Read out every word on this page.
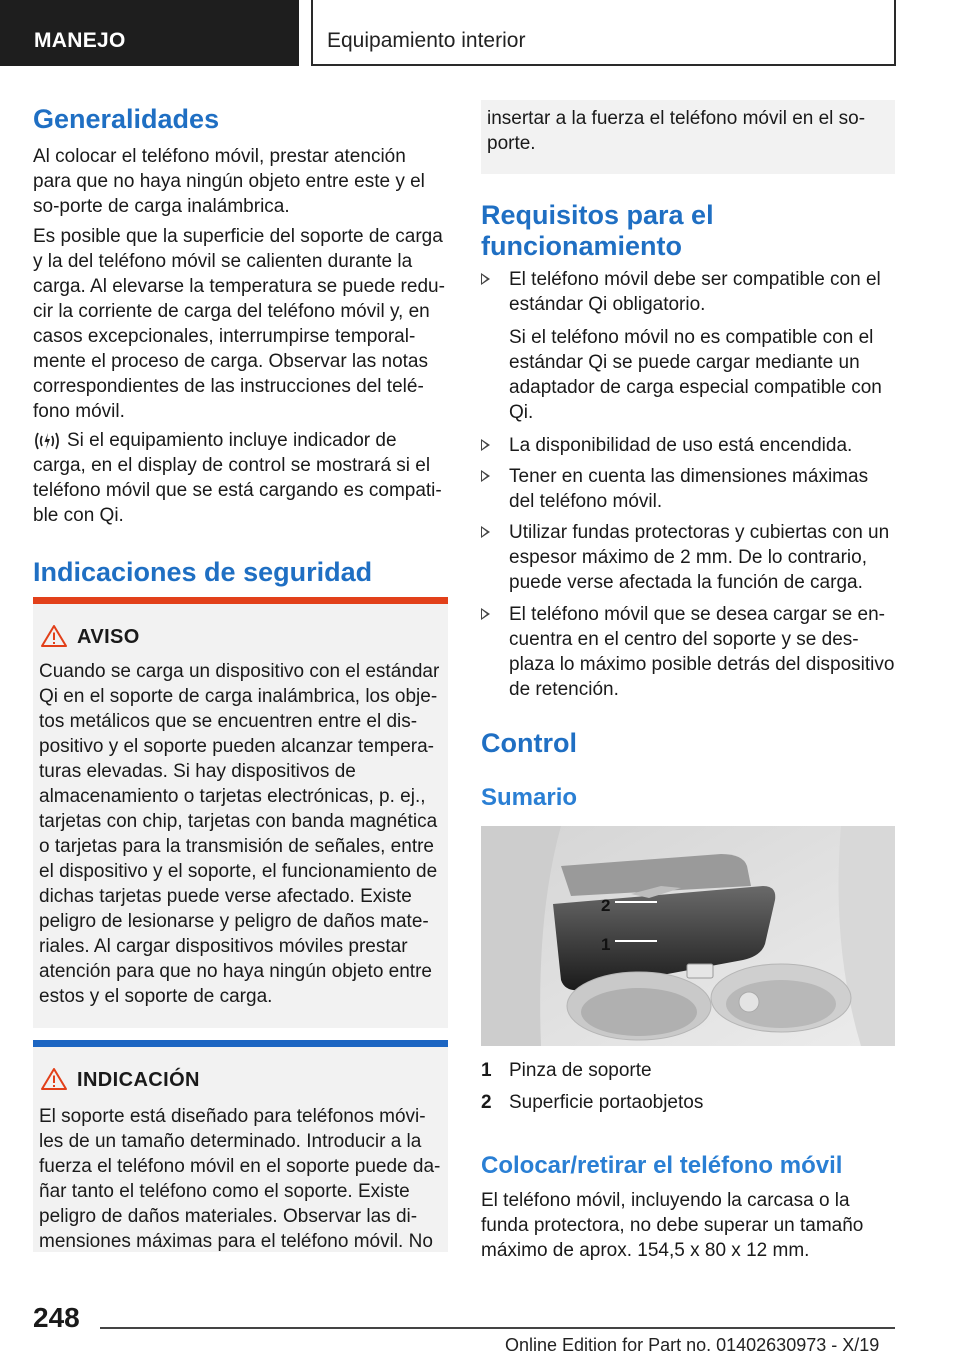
MANEJO	Equipamiento interior
Generalidades
Al colocar el teléfono móvil, prestar atención para que no haya ningún objeto entre este y el so-porte de carga inalámbrica.
Es posible que la superficie del soporte de carga y la del teléfono móvil se calienten durante la carga. Al elevarse la temperatura se puede redu-cir la corriente de carga del teléfono móvil y, en casos excepcionales, interrumpirse temporal-mente el proceso de carga. Observar las notas correspondientes de las instrucciones del telé-fono móvil.
Si el equipamiento incluye indicador de carga, en el display de control se mostrará si el teléfono móvil que se está cargando es compati-ble con Qi.
Indicaciones de seguridad
AVISO
Cuando se carga un dispositivo con el estándar Qi en el soporte de carga inalámbrica, los obje-tos metálicos que se encuentren entre el dis-positivo y el soporte pueden alcanzar tempera-turas elevadas. Si hay dispositivos de almacenamiento o tarjetas electrónicas, p. ej., tarjetas con chip, tarjetas con banda magnética o tarjetas para la transmisión de señales, entre el dispositivo y el soporte, el funcionamiento de dichas tarjetas puede verse afectado. Existe peligro de lesionarse y peligro de daños mate-riales. Al cargar dispositivos móviles prestar atención para que no haya ningún objeto entre estos y el soporte de carga.
INDICACIÓN
El soporte está diseñado para teléfonos móvi-les de un tamaño determinado. Introducir a la fuerza el teléfono móvil en el soporte puede da-ñar tanto el teléfono como el soporte. Existe peligro de daños materiales. Observar las di-mensiones máximas para el teléfono móvil. No
insertar a la fuerza el teléfono móvil en el so-porte.
Requisitos para el funcionamiento
El teléfono móvil debe ser compatible con el estándar Qi obligatorio.
Si el teléfono móvil no es compatible con el estándar Qi se puede cargar mediante un adaptador de carga especial compatible con Qi.
La disponibilidad de uso está encendida.
Tener en cuenta las dimensiones máximas del teléfono móvil.
Utilizar fundas protectoras y cubiertas con un espesor máximo de 2 mm. De lo contrario, puede verse afectada la función de carga.
El teléfono móvil que se desea cargar se en-cuentra en el centro del soporte y se des-plaza lo máximo posible detrás del dispositivo de retención.
Control
Sumario
2
1
1 Pinza de soporte
2 Superficie portaobjetos
Colocar/retirar el teléfono móvil
El teléfono móvil, incluyendo la carcasa o la funda protectora, no debe superar un tamaño máximo de aprox. 154,5 x 80 x 12 mm.
248
Online Edition for Part no. 01402630973 - X/19
